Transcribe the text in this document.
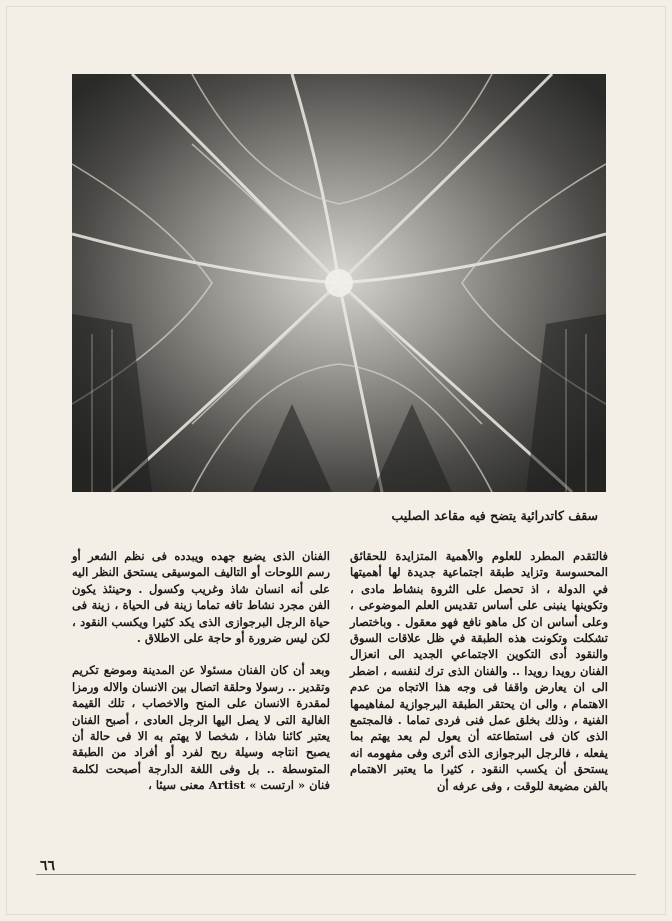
سقف كاتدرائية يتضح فيه مقاعد الصليب

فالتقدم المطرد للعلوم والأهمية المتزايدة للحقائق المحسوسة وتزايد طبقة اجتماعية جديدة لها أهميتها في الدولة ، اذ تحصل على الثروة بنشاط مادى ، وتكوينها ينبنى على أساس تقديس العلم الموضوعى ، وعلى أساس ان كل ماهو نافع فهو معقول . وباختصار تشكلت وتكونت هذه الطبقة في ظل علاقات السوق والنقود أدى التكوين الاجتماعي الجديد الى انعزال الفنان رويدا رويدا .. والفنان الذى ترك لنفسه ، اضطر الى ان يعارض واقفا فى وجه هذا الاتجاه من عدم الاهتمام ، والى ان يحتقر الطبقة البرجوازية لمفاهيمها الفنية ، وذلك بخلق عمل فنى فردى تماما . فالمجتمع الذى كان فى استطاعته أن يعول لم يعد يهتم بما يفعله ، فالرجل البرجوازى الذى أثرى وفى مفهومه انه يستحق أن يكسب النقود ، كثيرا ما يعتبر الاهتمام بالفن مضيعة للوقت ، وفى عرفه أن

الفنان الذى يضيع جهده ويبدده فى نظم الشعر أو رسم اللوحات أو التاليف الموسيقى يستحق النظر اليه على أنه انسان شاذ وغريب وكسول . وحينئذ يكون الفن مجرد نشاط تافه تماما زينة فى الحياة ، زينة فى حياة الرجل البرجوازى الذى يكد كثيرا ويكسب النقود ، لكن ليس ضرورة أو حاجة على الاطلاق .

وبعد أن كان الفنان مسئولا عن المدينة وموضع تكريم وتقدير .. رسولا وحلقة اتصال بين الانسان والاله ورمزا لمقدرة الانسان على المنح والاخصاب ، تلك القيمة الغالية التى لا يصل اليها الرجل العادى ، أصبح الفنان يعتبر كائنا شاذا ، شخصا لا يهتم به الا فى حالة أن يصبح انتاجه وسيلة ربح لفرد أو أفراد من الطبقة المتوسطة .. بل وفى اللغة الدارجة أصبحت لكلمة فنان « ارتست » Artist معنى سيئا ،

٦٦
